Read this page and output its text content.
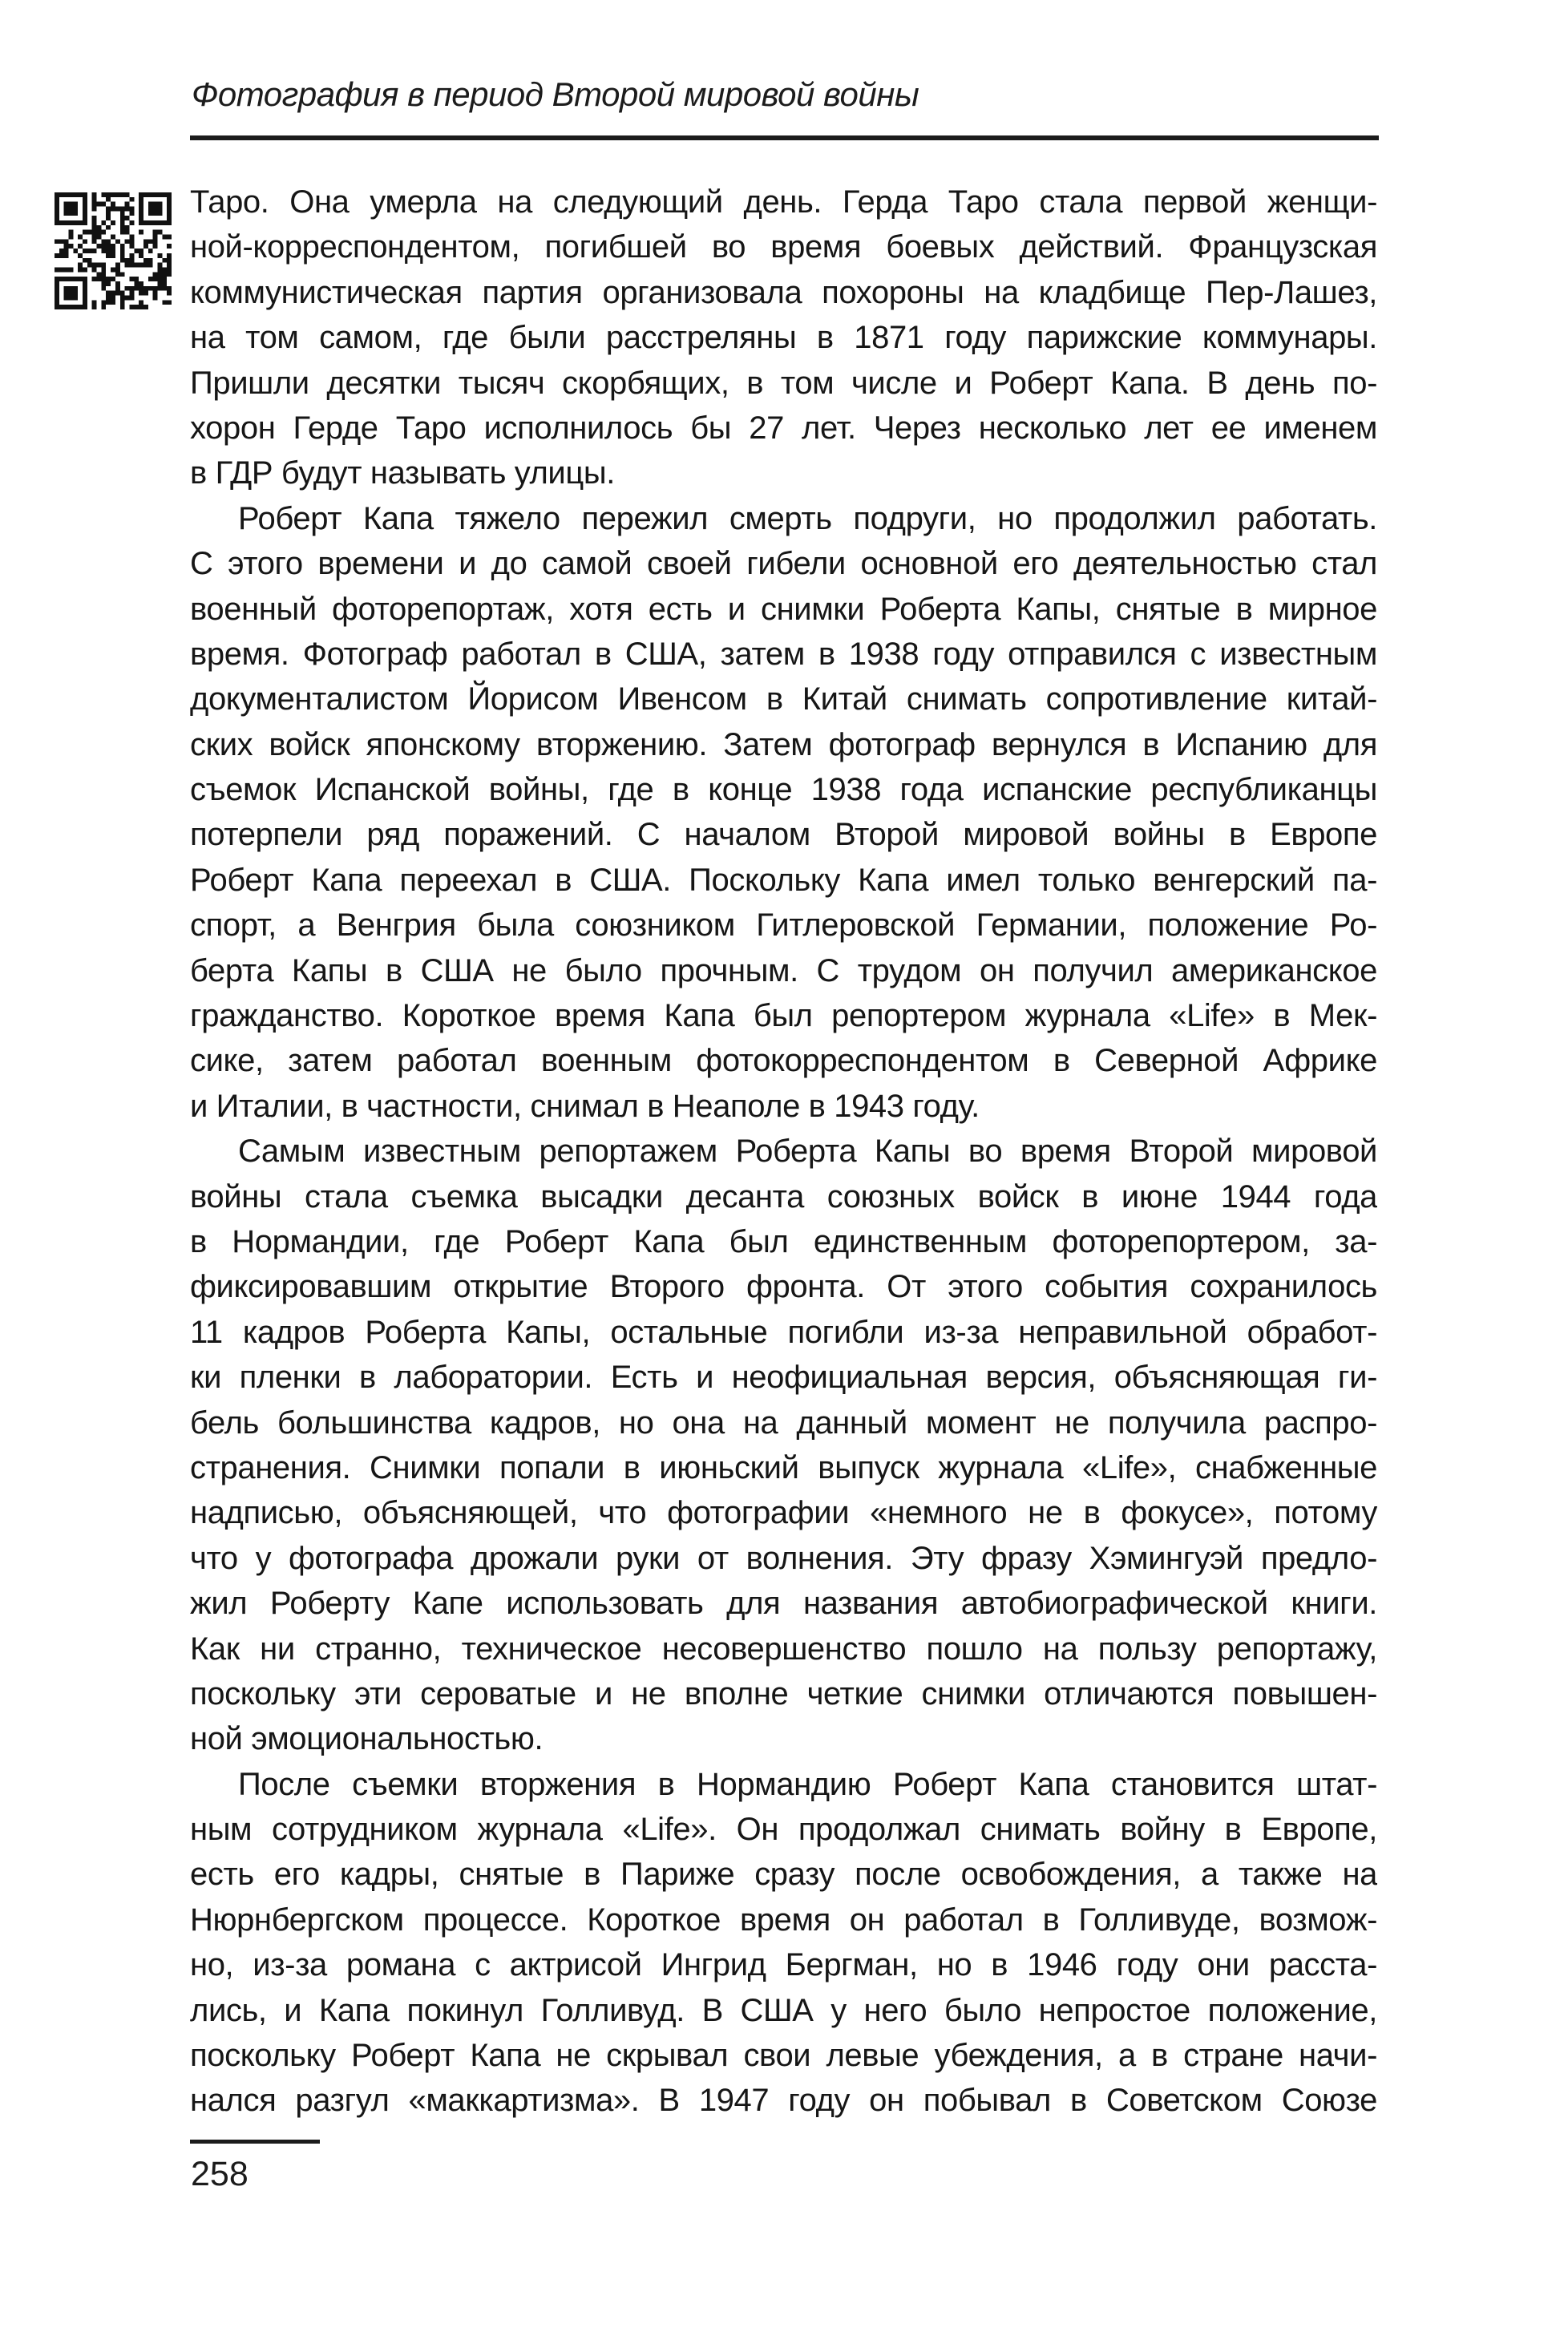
Фотография в период Второй мировой войны
Таро. Она умерла на следующий день. Герда Таро стала первой женщи-
ной-корреспондентом, погибшей во время боевых действий. Французская
коммунистическая партия организовала похороны на кладбище Пер-Лашез,
на том самом, где были расстреляны в 1871 году парижские коммунары.
Пришли десятки тысяч скорбящих, в том числе и Роберт Капа. В день по-
хорон Герде Таро исполнилось бы 27 лет. Через несколько лет ее именем
в ГДР будут называть улицы.
Роберт Капа тяжело пережил смерть подруги, но продолжил работать.
С этого времени и до самой своей гибели основной его деятельностью стал
военный фоторепортаж, хотя есть и снимки Роберта Капы, снятые в мирное
время. Фотограф работал в США, затем в 1938 году отправился с известным
документалистом Йорисом Ивенсом в Китай снимать сопротивление китай-
ских войск японскому вторжению. Затем фотограф вернулся в Испанию для
съемок Испанской войны, где в конце 1938 года испанские республиканцы
потерпели ряд поражений. С началом Второй мировой войны в Европе
Роберт Капа переехал в США. Поскольку Капа имел только венгерский па-
спорт, а Венгрия была союзником Гитлеровской Германии, положение Ро-
берта Капы в США не было прочным. С трудом он получил американское
гражданство. Короткое время Капа был репортером журнала «Life» в Мек-
сике, затем работал военным фотокорреспондентом в Северной Африке
и Италии, в частности, снимал в Неаполе в 1943 году.
Самым известным репортажем Роберта Капы во время Второй мировой
войны стала съемка высадки десанта союзных войск в июне 1944 года
в Нормандии, где Роберт Капа был единственным фоторепортером, за-
фиксировавшим открытие Второго фронта. От этого события сохранилось
11 кадров Роберта Капы, остальные погибли из-за неправильной обработ-
ки пленки в лаборатории. Есть и неофициальная версия, объясняющая ги-
бель большинства кадров, но она на данный момент не получила распро-
странения. Снимки попали в июньский выпуск журнала «Life», снабженные
надписью, объясняющей, что фотографии «немного не в фокусе», потому
что у фотографа дрожали руки от волнения. Эту фразу Хэмингуэй предло-
жил Роберту Капе использовать для названия автобиографической книги.
Как ни странно, техническое несовершенство пошло на пользу репортажу,
поскольку эти сероватые и не вполне четкие снимки отличаются повышен-
ной эмоциональностью.
После съемки вторжения в Нормандию Роберт Капа становится штат-
ным сотрудником журнала «Life». Он продолжал снимать войну в Европе,
есть его кадры, снятые в Париже сразу после освобождения, а также на
Нюрнбергском процессе. Короткое время он работал в Голливуде, возмож-
но, из-за романа с актрисой Ингрид Бергман, но в 1946 году они расста-
лись, и Капа покинул Голливуд. В США у него было непростое положение,
поскольку Роберт Капа не скрывал свои левые убеждения, а в стране начи-
нался разгул «маккартизма». В 1947 году он побывал в Советском Союзе
258
